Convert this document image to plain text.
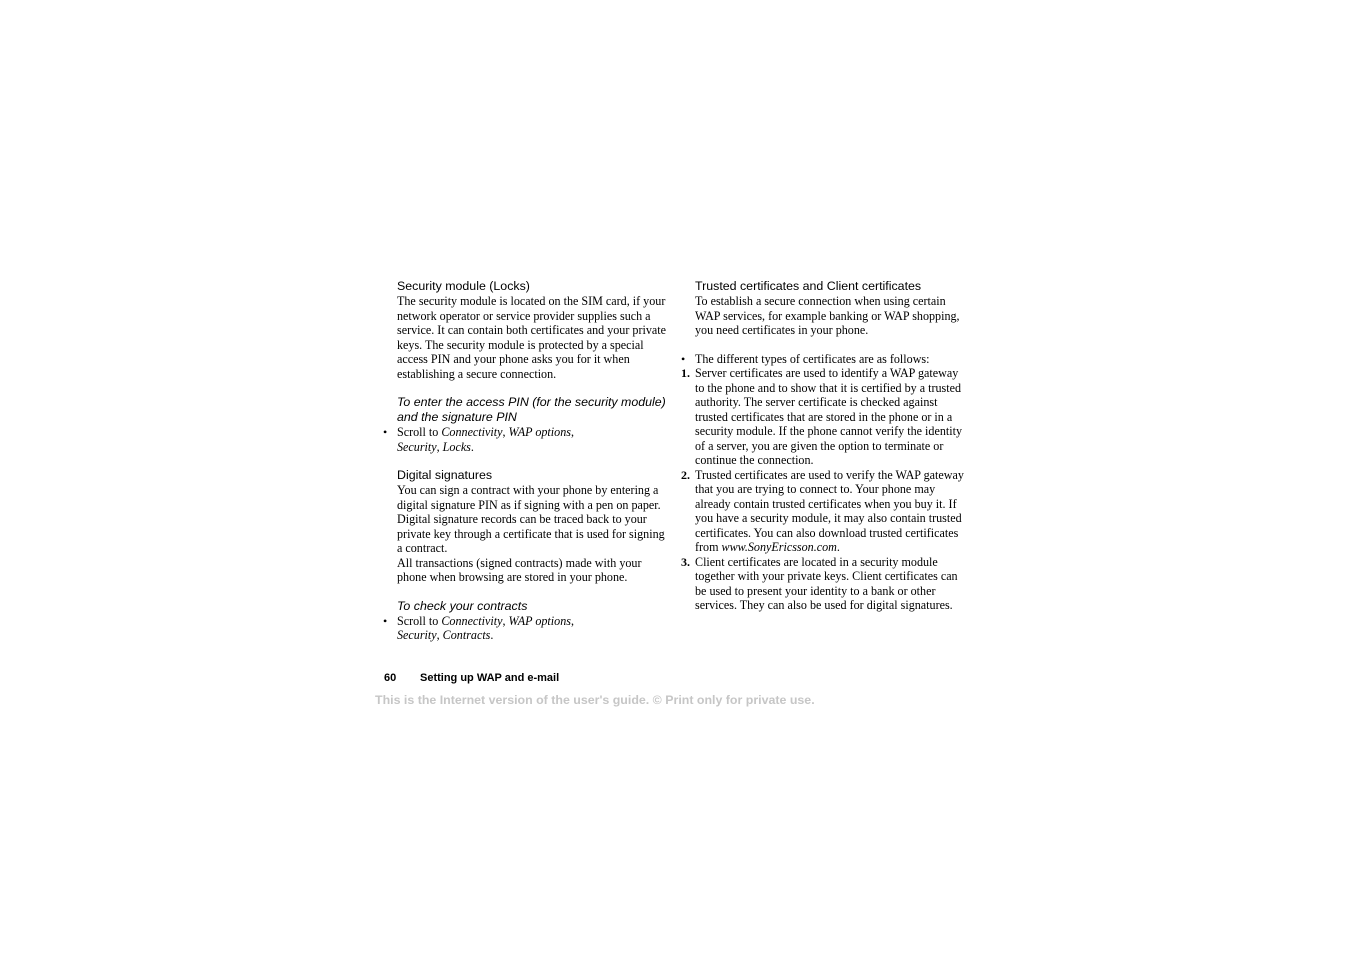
Security module (Locks)

The security module is located on the SIM card, if your network operator or service provider supplies such a service. It can contain both certificates and your private keys. The security module is protected by a special access PIN and your phone asks you for it when establishing a secure connection.

To enter the access PIN (for the security module) and the signature PIN

• Scroll to Connectivity, WAP options,
Security, Locks.

Digital signatures

You can sign a contract with your phone by entering a digital signature PIN as if signing with a pen on paper. Digital signature records can be traced back to your private key through a certificate that is used for signing a contract.

All transactions (signed contracts) made with your phone when browsing are stored in your phone.

To check your contracts

• Scroll to Connectivity, WAP options,
Security, Contracts.

Trusted certificates and Client certificates

To establish a secure connection when using certain WAP services, for example banking or WAP shopping, you need certificates in your phone.

• The different types of certificates are as follows:

1. Server certificates are used to identify a WAP gateway to the phone and to show that it is certified by a trusted authority. The server certificate is checked against trusted certificates that are stored in the phone or in a security module. If the phone cannot verify the identity of a server, you are given the option to terminate or continue the connection.

2. Trusted certificates are used to verify the WAP gateway that you are trying to connect to. Your phone may already contain trusted certificates when you buy it. If you have a security module, it may also contain trusted certificates. You can also download trusted certificates from www.SonyEricsson.com.

3. Client certificates are located in a security module together with your private keys. Client certificates can be used to present your identity to a bank or other services. They can also be used for digital signatures.

60 Setting up WAP and e-mail
This is the Internet version of the user's guide. © Print only for private use.
